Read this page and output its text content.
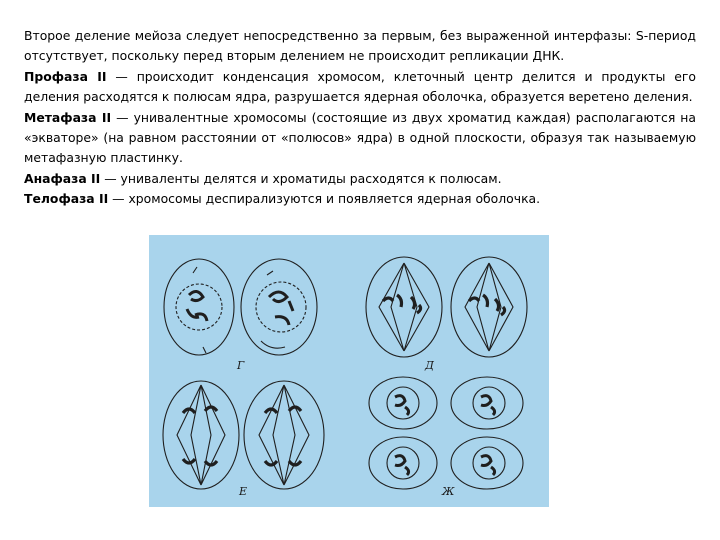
Второе деление мейоза следует непосредственно за первым, без выраженной интерфазы: S-период отсутствует, поскольку перед вторым делением не происходит репликации ДНК.

Профаза II — происходит конденсация хромосом, клеточный центр делится и продукты его деления расходятся к полюсам ядра, разрушается ядерная оболочка, образуется веретено деления.

Метафаза II — унивалентные хромосомы (состоящие из двух хроматид каждая) располагаются на «экваторе» (на равном расстоянии от «полюсов» ядра) в одной плоскости, образуя так называемую метафазную пластинку.

Анафаза II — униваленты делятся и хроматиды расходятся к полюсам.

Телофаза II — хромосомы деспирализуются и появляется ядерная оболочка.

Г	Д
Е	Ж
